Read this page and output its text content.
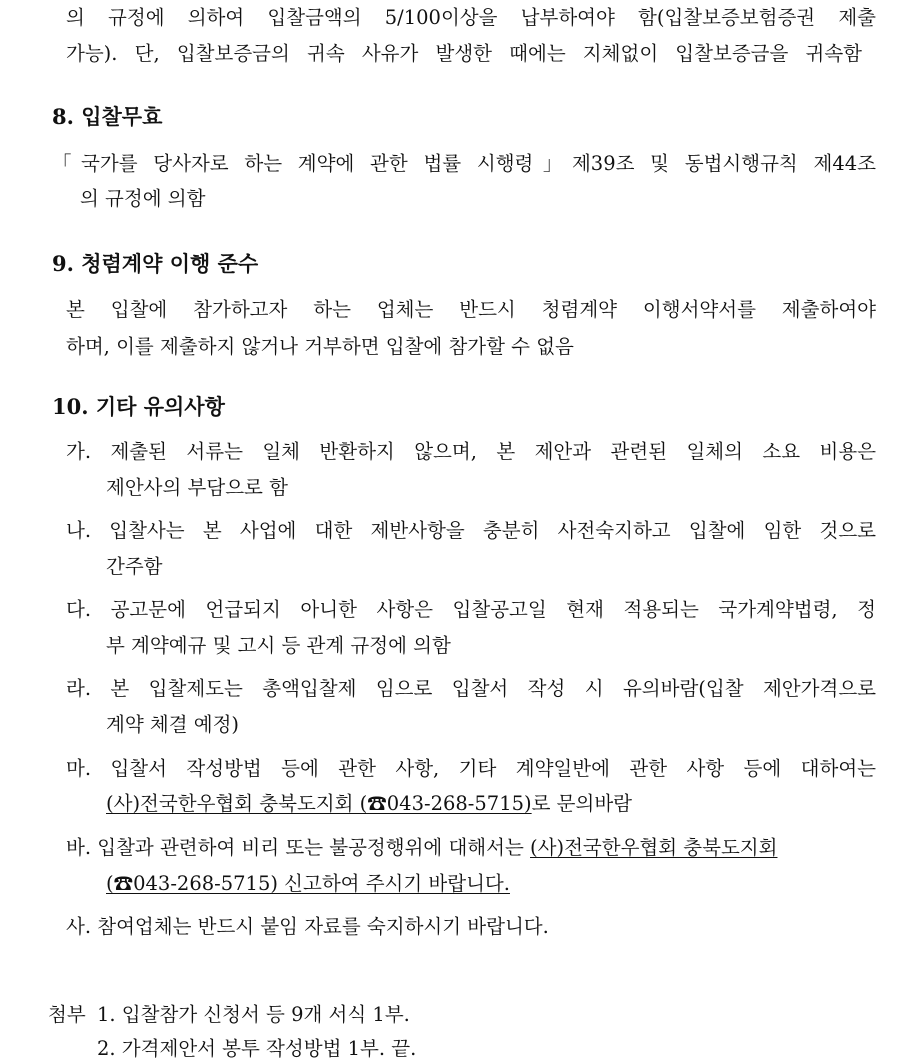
의 규정에 의하여 입찰금액의 5/100이상을 납부하여야 함(입찰보증보험증권 제출
가능). 단, 입찰보증금의 귀속 사유가 발생한 때에는 지체없이 입찰보증금을 귀속함
8. 입찰무효
「국가를 당사자로 하는 계약에 관한 법률 시행령」제39조 및 동법시행규칙 제44조
의 규정에 의함
9. 청렴계약 이행 준수
본 입찰에 참가하고자 하는 업체는 반드시 청렴계약 이행서약서를 제출하여야
하며, 이를 제출하지 않거나 거부하면 입찰에 참가할 수 없음
10. 기타 유의사항
가. 제출된 서류는 일체 반환하지 않으며, 본 제안과 관련된 일체의 소요 비용은
제안사의 부담으로 함
나. 입찰사는 본 사업에 대한 제반사항을 충분히 사전숙지하고 입찰에 임한 것으로
간주함
다. 공고문에 언급되지 아니한 사항은 입찰공고일 현재 적용되는 국가계약법령, 정
부 계약예규 및 고시 등 관계 규정에 의함
라. 본 입찰제도는 총액입찰제 임으로 입찰서 작성 시 유의바람(입찰 제안가격으로
계약 체결 예정)
마. 입찰서 작성방법 등에 관한 사항, 기타 계약일반에 관한 사항 등에 대하여는
(사)전국한우협회 충북도지회 (☎043-268-5715)로 문의바람
바. 입찰과 관련하여 비리 또는 불공정행위에 대해서는 (사)전국한우협회 충북도지회
(☎043-268-5715) 신고하여 주시기 바랍니다.
사. 참여업체는 반드시 붙임 자료를 숙지하시기 바랍니다.
첨부 1. 입찰참가 신청서 등 9개 서식 1부.
2. 가격제안서 봉투 작성방법 1부. 끝.
